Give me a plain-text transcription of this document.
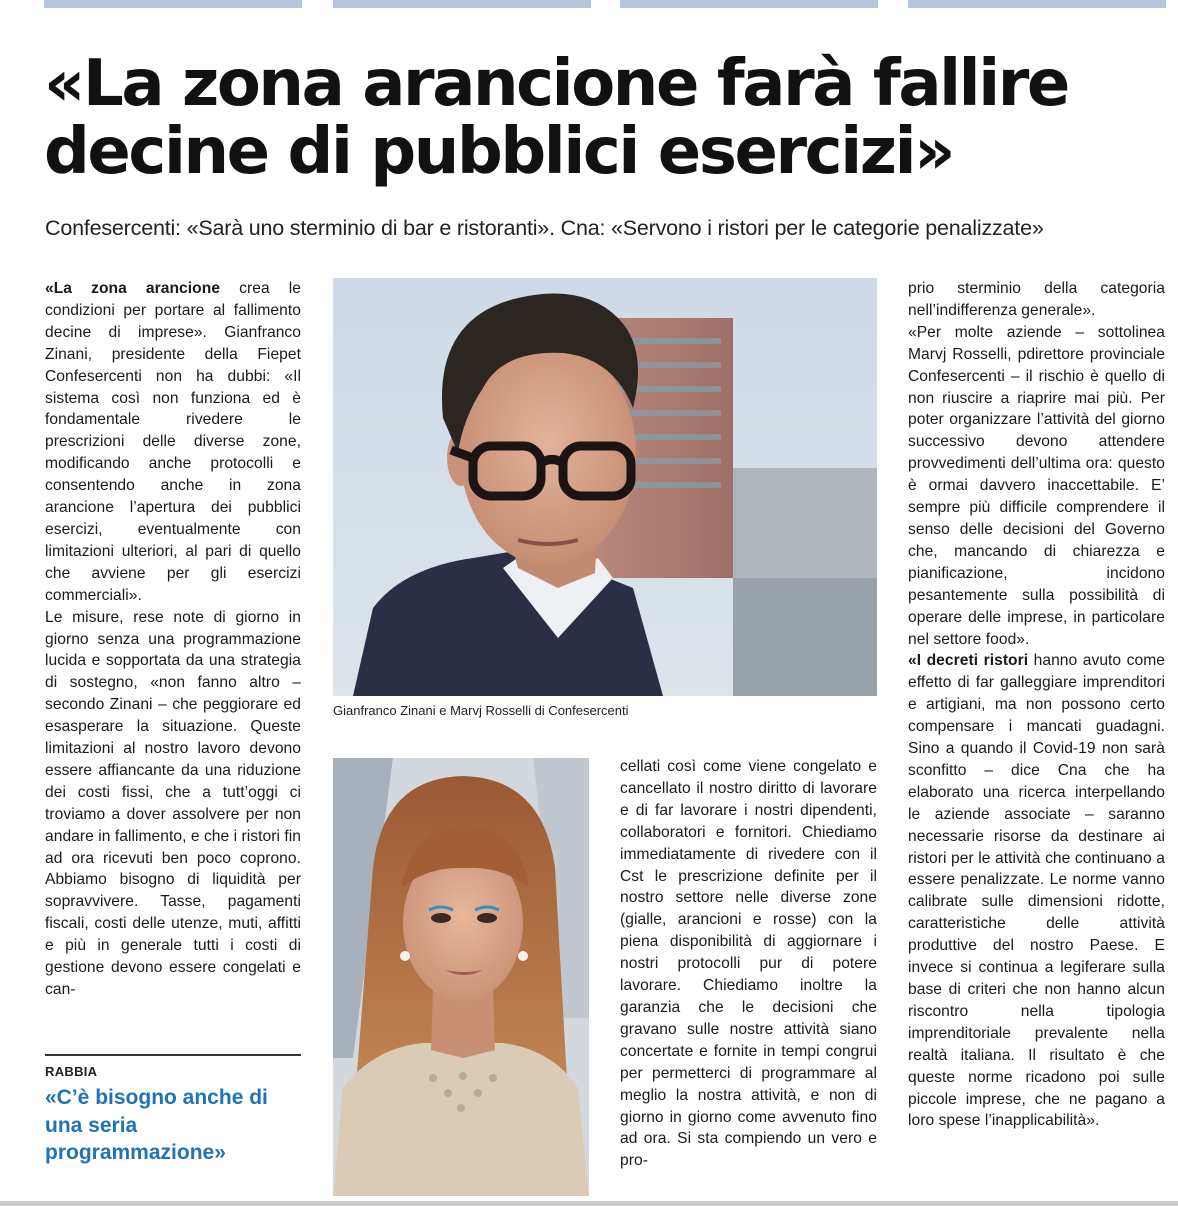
«La zona arancione farà fallire decine di pubblici esercizi»

Confesercenti: «Sarà uno sterminio di bar e ristoranti». Cna: «Servono i ristori per le categorie penalizzate»

«La zona arancione crea le condizioni per portare al fallimento decine di imprese». Gianfranco Zinani, presidente della Fiepet Confesercenti non ha dubbi: «Il sistema così non funziona ed è fondamentale rivedere le prescrizioni delle diverse zone, modificando anche protocolli e consentendo anche in zona arancione l’apertura dei pubblici esercizi, eventualmente con limitazioni ulteriori, al pari di quello che avviene per gli esercizi commerciali».

Le misure, rese note di giorno in giorno senza una programmazione lucida e sopportata da una strategia di sostegno, «non fanno altro – secondo Zinani – che peggiorare ed esasperare la situazione. Queste limitazioni al nostro lavoro devono essere affiancante da una riduzione dei costi fissi, che a tutt’oggi ci troviamo a dover assolvere per non andare in fallimento, e che i ristori fin ad ora ricevuti ben poco coprono. Abbiamo bisogno di liquidità per sopravvivere. Tasse, pagamenti fiscali, costi delle utenze, muti, affitti e più in generale tutti i costi di gestione devono essere congelati e can-

RABBIA

«C’è bisogno anche di una seria programmazione»

Gianfranco Zinani e Marvj Rosselli di Confesercenti

cellati così come viene congelato e cancellato il nostro diritto di lavorare e di far lavorare i nostri dipendenti, collaboratori e fornitori. Chiediamo immediatamente di rivedere con il Cst le prescrizione definite per il nostro settore nelle diverse zone (gialle, arancioni e rosse) con la piena disponibilità di aggiornare i nostri protocolli pur di potere lavorare. Chiediamo inoltre la garanzia che le decisioni che gravano sulle nostre attività siano concertate e fornite in tempi congrui per permetterci di programmare al meglio la nostra attività, e non di giorno in giorno come avvenuto fino ad ora. Si sta compiendo un vero e pro-

prio sterminio della categoria nell’indifferenza generale».

«Per molte aziende – sottolinea Marvj Rosselli, pdirettore provinciale Confesercenti – il rischio è quello di non riuscire a riaprire mai più. Per poter organizzare l’attività del giorno successivo devono attendere provvedimenti dell’ultima ora: questo è ormai davvero inaccettabile. E’ sempre più difficile comprendere il senso delle decisioni del Governo che, mancando di chiarezza e pianificazione, incidono pesantemente sulla possibilità di operare delle imprese, in particolare nel settore food».

«I decreti ristori hanno avuto come effetto di far galleggiare imprenditori e artigiani, ma non possono certo compensare i mancati guadagni. Sino a quando il Covid-19 non sarà sconfitto – dice Cna che ha elaborato una ricerca interpellando le aziende associate – saranno necessarie risorse da destinare ai ristori per le attività che continuano a essere penalizzate. Le norme vanno calibrate sulle dimensioni ridotte, caratteristiche delle attività produttive del nostro Paese. E invece si continua a legiferare sulla base di criteri che non hanno alcun riscontro nella tipologia imprenditoriale prevalente nella realtà italiana. Il risultato è che queste norme ricadono poi sulle piccole imprese, che ne pagano a loro spese l’inapplicabilità».
